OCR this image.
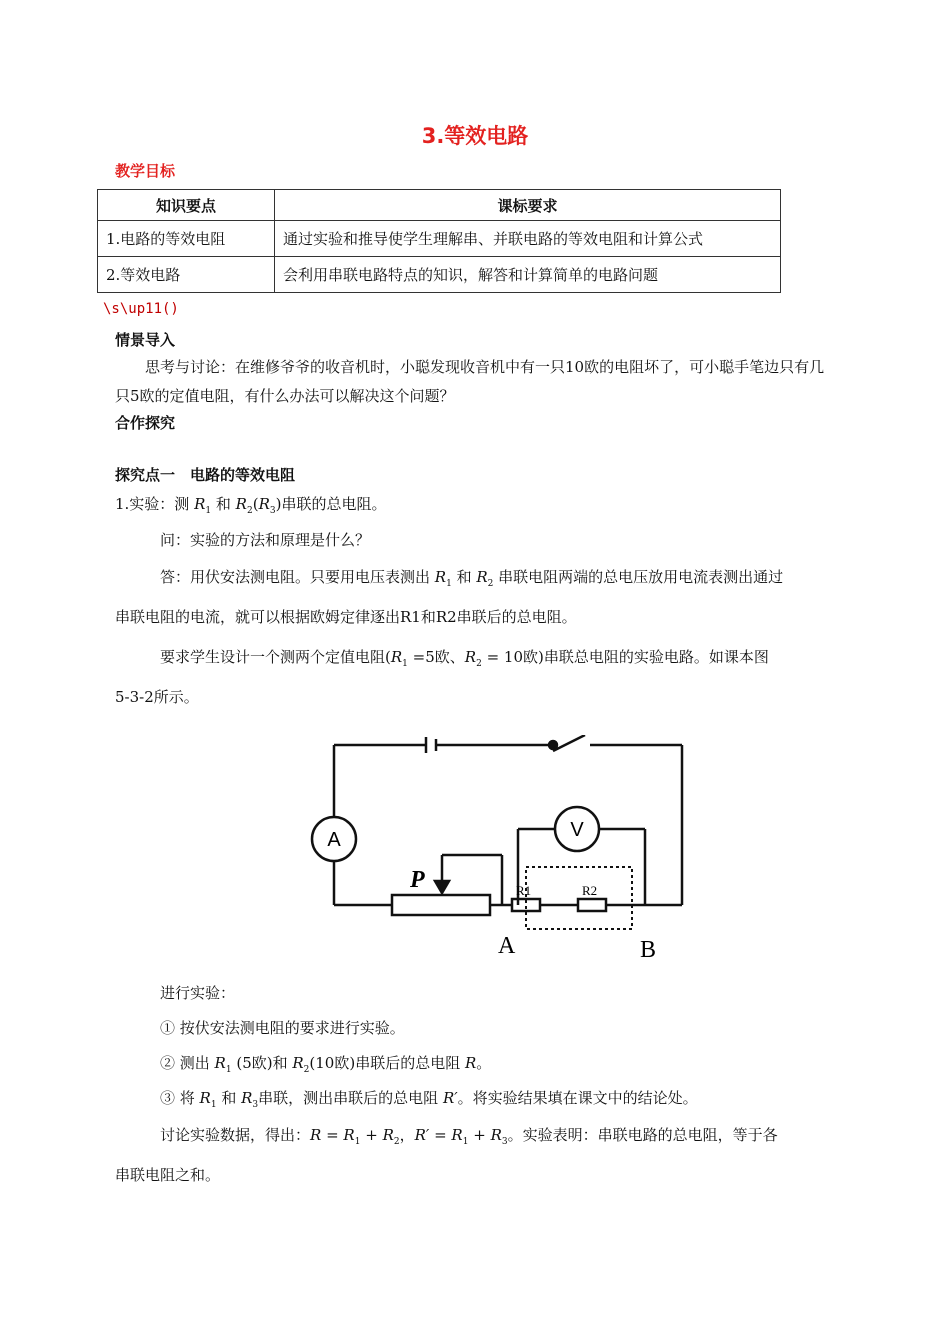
3.等效电路
教学目标
知识要点	课标要求
1.电路的等效电阻	通过实验和推导使学生理解串、并联电路的等效电阻和计算公式
2.等效电路	会利用串联电路特点的知识，解答和计算简单的电路问题
\s\up11()
情景导入
思考与讨论：在维修爷爷的收音机时，小聪发现收音机中有一只10欧的电阻坏了，可小聪手笔边只有几只5欧的定值电阻，有什么办法可以解决这个问题？
合作探究
探究点一　电路的等效电阻
1.实验：测 $R_1$ 和 $R_2(R_3)$串联的总电阻。
问：实验的方法和原理是什么？
答：用伏安法测电阻。只要用电压表测出 $R_1$ 和 $R_2$ 串联电阻两端的总电压放用电流表测出通过
串联电阻的电流，就可以根据欧姆定律逐出R1和R2串联后的总电阻。
要求学生设计一个测两个定值电阻($R_1 =5$欧、$R_2 = 10$欧)串联总电阻的实验电路。如课本图
5-3-2所示。
A	V
P	R1	R2
A	B
进行实验：
① 按伏安法测电阻的要求进行实验。
② 测出 $R_1$ (5欧)和 $R_2(10$欧)串联后的总电阻 R。
③ 将 $R_1$ 和 $R_3$串联，测出串联后的总电阻 R′。将实验结果填在课文中的结论处。
讨论实验数据，得出：$R = R_1 + R_2$，$R' = R_1 + R_3$。实验表明：串联电路的总电阻，等于各
串联电阻之和。
